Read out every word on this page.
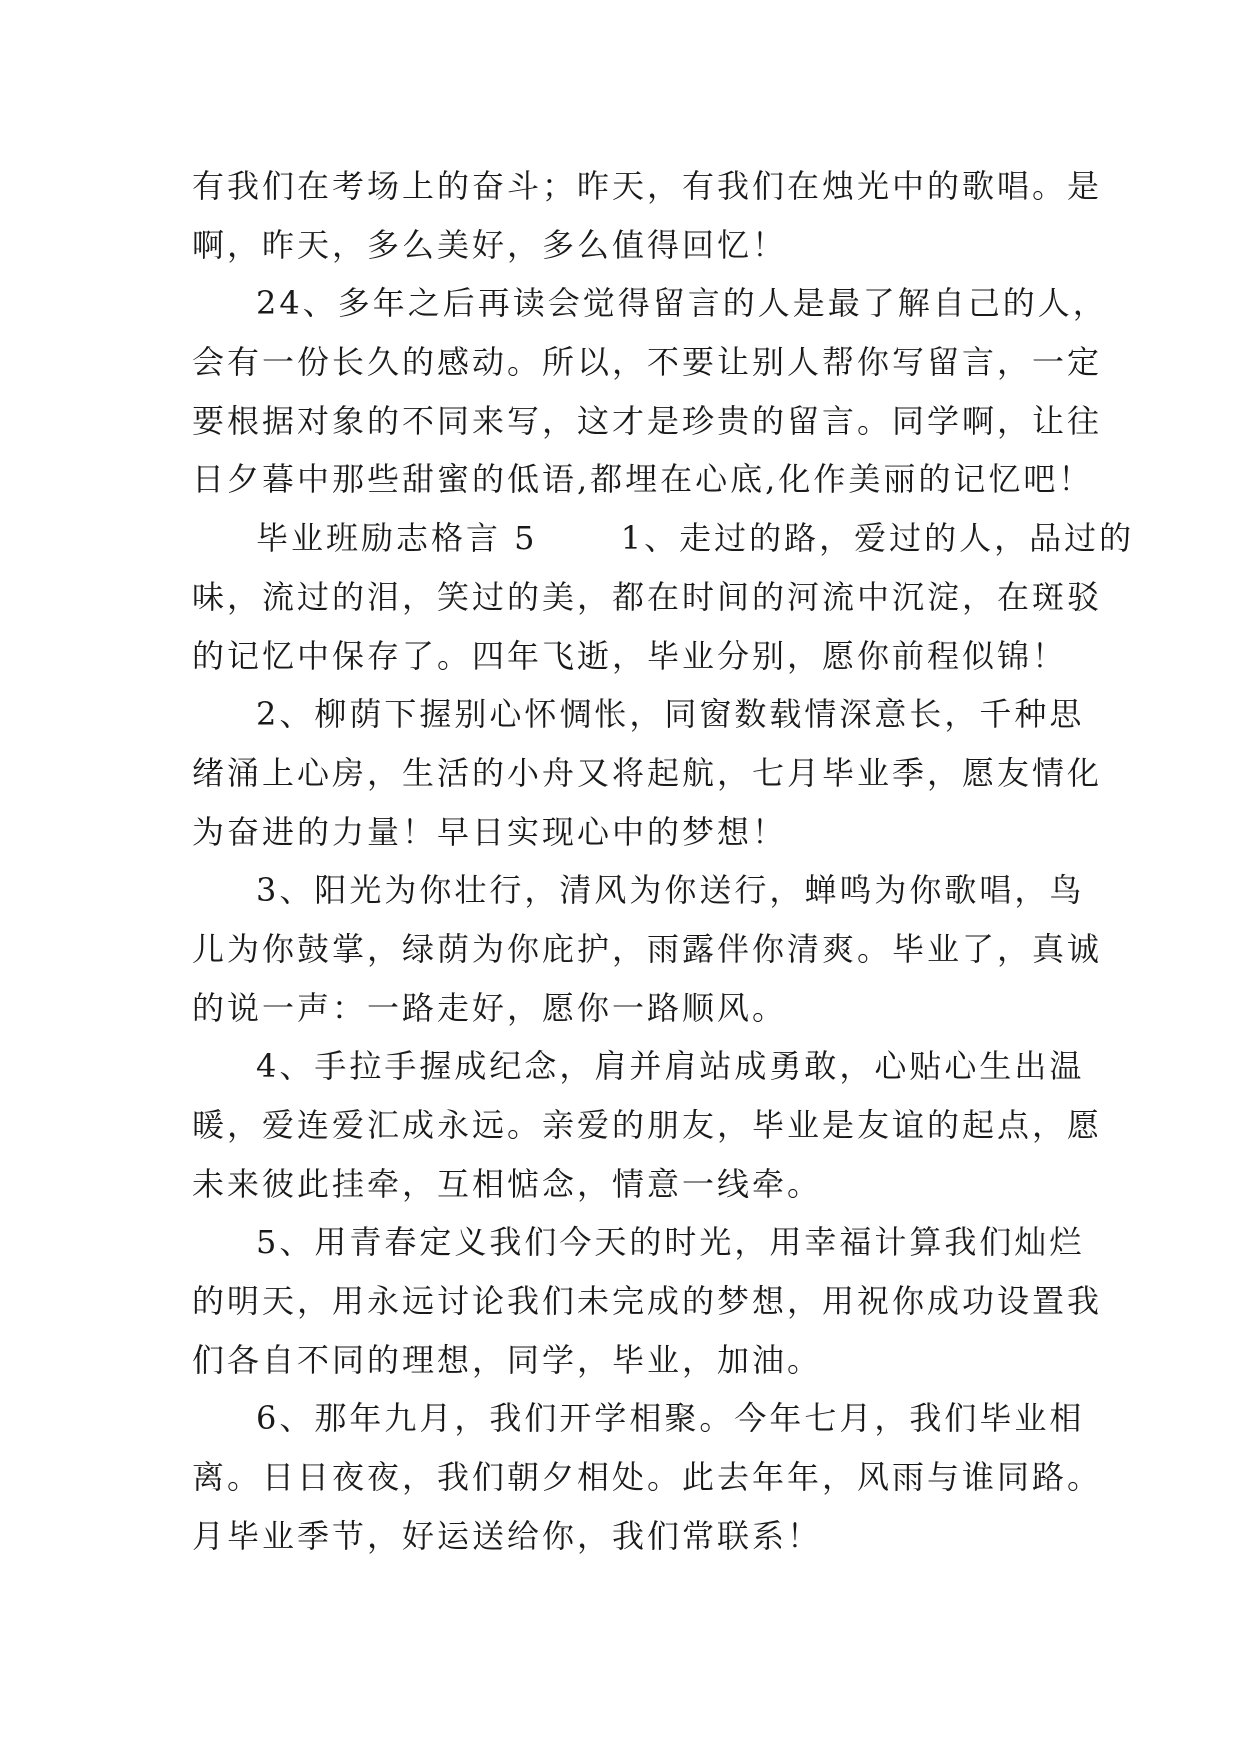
有我们在考场上的奋斗；昨天，有我们在烛光中的歌唱。是
啊，昨天，多么美好，多么值得回忆！
24、多年之后再读会觉得留言的人是最了解自己的人，
会有一份长久的感动。所以，不要让别人帮你写留言，一定
要根据对象的不同来写，这才是珍贵的留言。同学啊，让往
日夕暮中那些甜蜜的低语,都埋在心底,化作美丽的记忆吧！
毕业班励志格言 5　　 1、走过的路，爱过的人，品过的
味，流过的泪，笑过的美，都在时间的河流中沉淀，在斑驳
的记忆中保存了。四年飞逝，毕业分别，愿你前程似锦！
2、柳荫下握别心怀惆怅，同窗数载情深意长，千种思
绪涌上心房，生活的小舟又将起航，七月毕业季，愿友情化
为奋进的力量！早日实现心中的梦想！
3、阳光为你壮行，清风为你送行，蝉鸣为你歌唱，鸟
儿为你鼓掌，绿荫为你庇护，雨露伴你清爽。毕业了，真诚
的说一声：一路走好，愿你一路顺风。
4、手拉手握成纪念，肩并肩站成勇敢，心贴心生出温
暖，爱连爱汇成永远。亲爱的朋友，毕业是友谊的起点，愿
未来彼此挂牵，互相惦念，情意一线牵。
5、用青春定义我们今天的时光，用幸福计算我们灿烂
的明天，用永远讨论我们未完成的梦想，用祝你成功设置我
们各自不同的理想，同学，毕业，加油。
6、那年九月，我们开学相聚。今年七月，我们毕业相
离。日日夜夜，我们朝夕相处。此去年年，风雨与谁同路。
月毕业季节，好运送给你，我们常联系！
